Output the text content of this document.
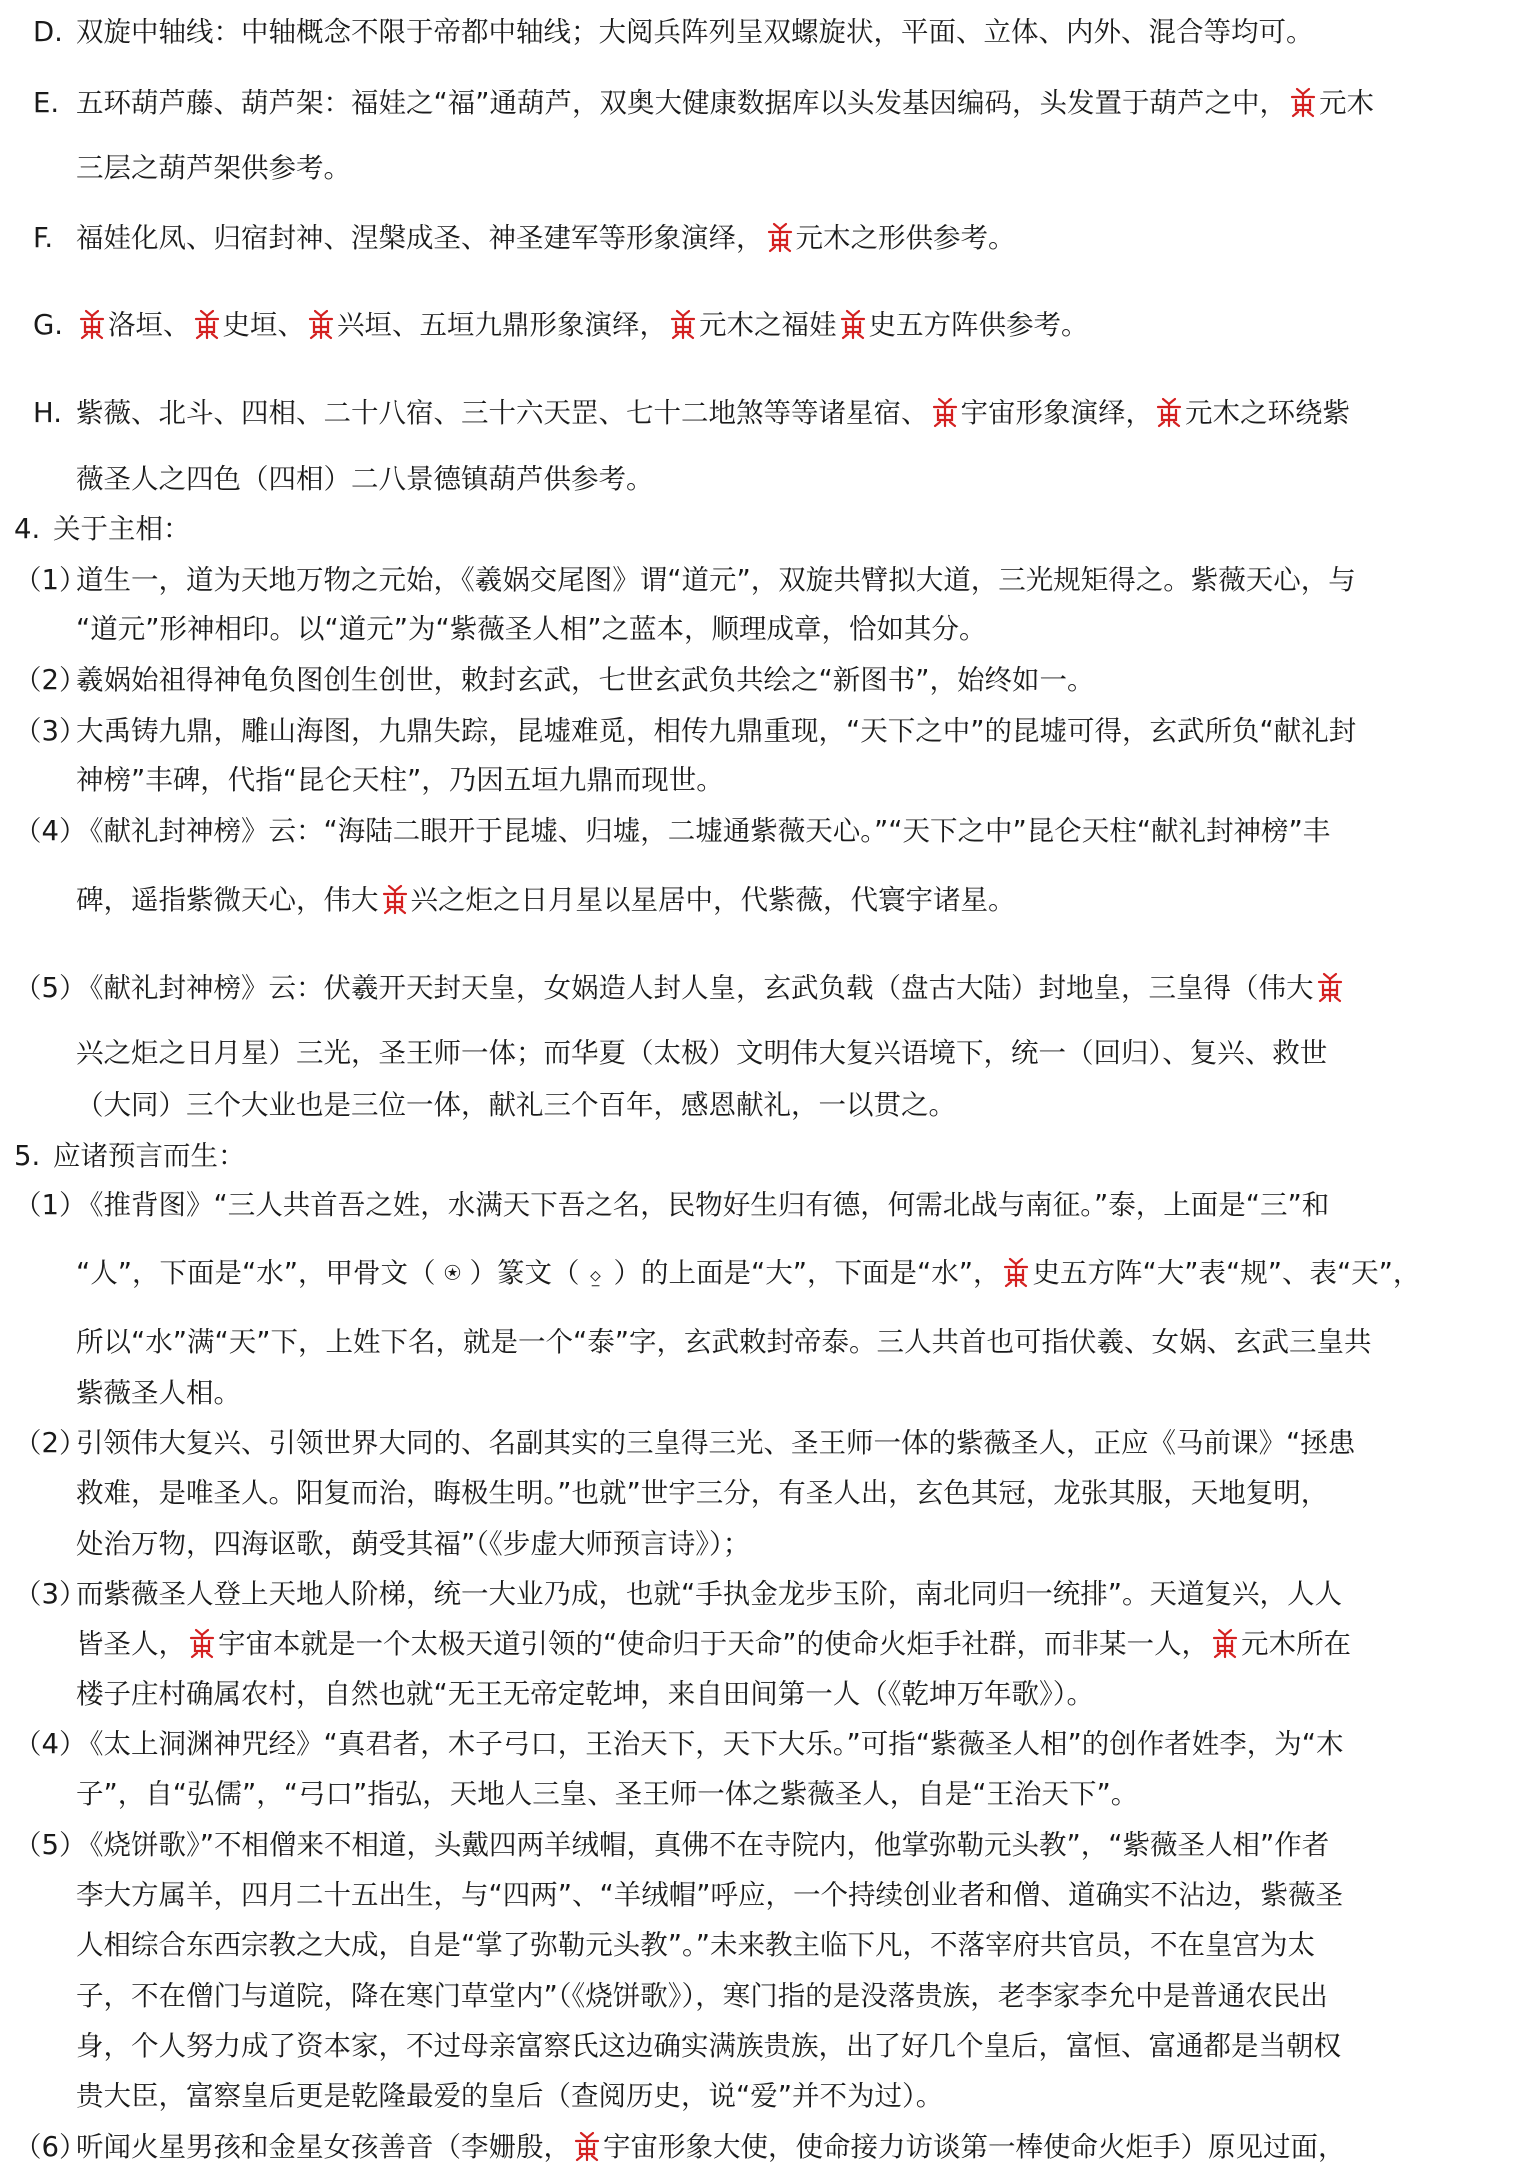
D. 双旋中轴线：中轴概念不限于帝都中轴线；大阅兵阵列呈双螺旋状，平面、立体、内外、混合等均可。
E. 五环葫芦藤、葫芦架：福娃之“福”通葫芦，双奥大健康数据库以头发基因编码，头发置于葫芦之中， 元木
三层之葫芦架供参考。
F. 福娃化凤、归宿封神、涅槃成圣、神圣建军等形象演绎， 元木之形供参考。
G.	洛垣、 史垣、 兴垣、五垣九鼎形象演绎， 元木之福娃 史五方阵供参考。
H. 紫薇、北斗、四相、二十八宿、三十六天罡、七十二地煞等等诸星宿、 宇宙形象演绎， 元木之环绕紫
薇圣人之四色（四相）二八景德镇葫芦供参考。
4. 关于主相：
（1）
道生一，道为天地万物之元始，《羲娲交尾图》谓“道元”，双旋共臂拟大道，三光规矩得之。紫薇天心，与
“道元”形神相印。以“道元”为“紫薇圣人相”之蓝本，顺理成章，恰如其分。
（2）
羲娲始祖得神龟负图创生创世，敕封玄武，七世玄武负共绘之“新图书”，始终如一。
（3）
大禹铸九鼎，雕山海图，九鼎失踪，昆墟难觅，相传九鼎重现，“天下之中”的昆墟可得，玄武所负“献礼封
神榜”丰碑，代指“昆仑天柱”，乃因五垣九鼎而现世。
（4）
《献礼封神榜》云：“海陆二眼开于昆墟、归墟，二墟通紫薇天心。”“天下之中”昆仑天柱“献礼封神榜”丰
碑，遥指紫微天心，伟大 兴之炬之日月星以星居中，代紫薇，代寰宇诸星。
（5）
《献礼封神榜》云：伏羲开天封天皇，女娲造人封人皇，玄武负载（盘古大陆）封地皇，三皇得（伟大
兴之炬之日月星）三光，圣王师一体；而华夏（太极）文明伟大复兴语境下，统一（回归）、复兴、救世
（大同）三个大业也是三位一体，献礼三个百年，感恩献礼，一以贯之。
5. 应诸预言而生：
（1）
《推背图》“三人共首吾之姓，水满天下吾之名，民物好生归有德，何需北战与南征。”泰，上面是“三”和
“人”，下面是“水”，甲骨文（ ⍟ ）篆文（ ⍚ ）的上面是“大”，下面是“水”， 史五方阵“大”表“规”、表“天”，
所以“水”满“天”下，上姓下名，就是一个“泰”字，玄武敕封帝泰。三人共首也可指伏羲、女娲、玄武三皇共
紫薇圣人相。
（2）
引领伟大复兴、引领世界大同的、名副其实的三皇得三光、圣王师一体的紫薇圣人，正应《马前课》“拯患
救难，是唯圣人。阳复而治，晦极生明。”也就”世宇三分，有圣人出，玄色其冠，龙张其服，天地复明，
处治万物，四海讴歌，蓢受其福”（《步虚大师预言诗》）；
（3）
而紫薇圣人登上天地人阶梯，统一大业乃成，也就“手执金龙步玉阶，南北同归一统排”。天道复兴，人人
皆圣人， 宇宙本就是一个太极天道引领的“使命归于天命”的使命火炬手社群，而非某一人， 元木所在
楼子庄村确属农村，自然也就“无王无帝定乾坤，来自田间第一人（《乾坤万年歌》）。
（4）
《太上洞渊神咒经》“真君者，木子弓口，王治天下，天下大乐。”可指“紫薇圣人相”的创作者姓李，为“木
子”，自“弘儒”，“弓口”指弘，天地人三皇、圣王师一体之紫薇圣人，自是“王治天下”。
（5）
《烧饼歌》”不相僧来不相道，头戴四两羊绒帽，真佛不在寺院内，他掌弥勒元头教”，“紫薇圣人相”作者
李大方属羊，四月二十五出生，与“四两”、“羊绒帽”呼应，一个持续创业者和僧、道确实不沾边，紫薇圣
人相综合东西宗教之大成，自是“掌了弥勒元头教”。”未来教主临下凡，不落宰府共官员，不在皇宫为太
子，不在僧门与道院，降在寒门草堂内”（《烧饼歌》），寒门指的是没落贵族，老李家李允中是普通农民出
身，个人努力成了资本家，不过母亲富察氏这边确实满族贵族，出了好几个皇后，富恒、富通都是当朝权
贵大臣，富察皇后更是乾隆最爱的皇后（查阅历史，说“爱”并不为过）。
（6）
听闻火星男孩和金星女孩善音（李姗殷， 宇宙形象大使，使命接力访谈第一棒使命火炬手）原见过面，
